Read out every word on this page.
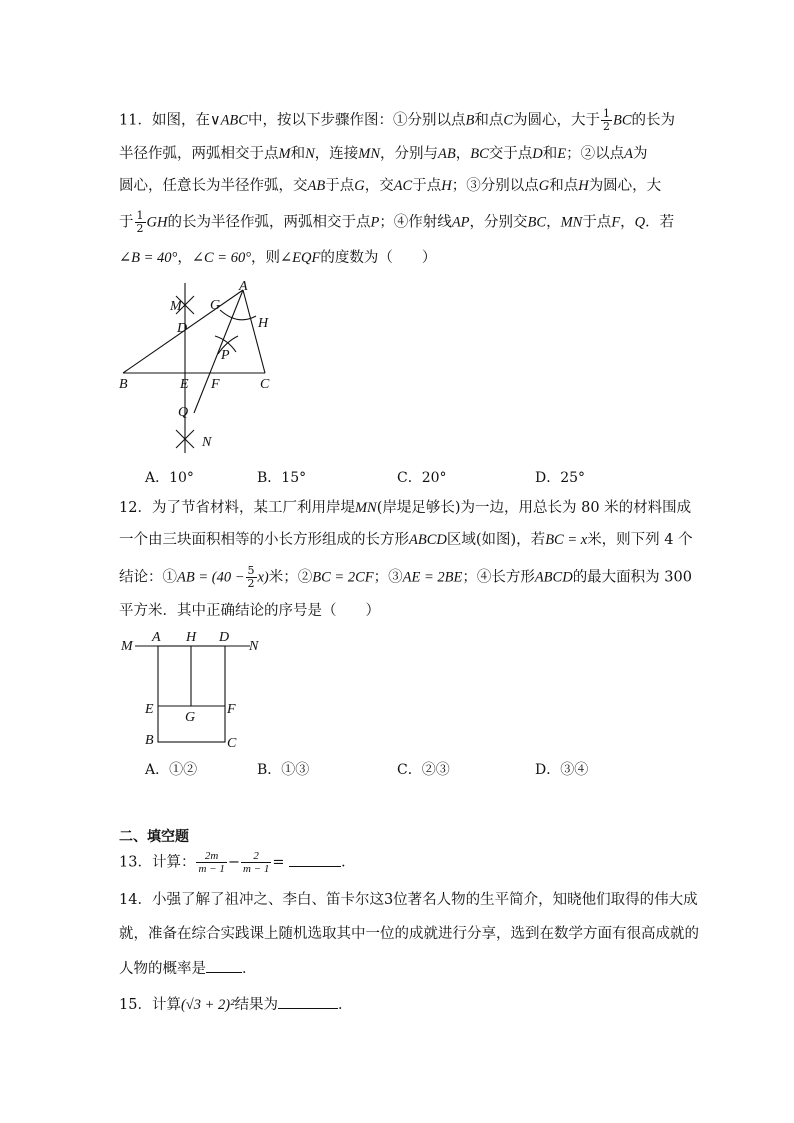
11．如图，在∨ABC中，按以下步骤作图：①分别以点B和点C为圆心，大于 $\frac{1}{2}$ BC的长为
半径作弧，两弧相交于点M和N，连接MN，分别与AB，BC交于点D和E；②以点A为
圆心，任意长为半径作弧，交AB于点G，交AC于点H；③分别以点G和点H为圆心，大
于 $\frac{1}{2}$ GH的长为半径作弧，两弧相交于点P；④作射线AP，分别交BC，MN于点F，Q．若
∠B = 40°，∠C = 60°，则∠EQF的度数为（　　）
M G
A
H
D
P
B	E F	C
Q
N
A．10°	B．15°	C．20°	D．25°
12．为了节省材料，某工厂利用岸堤MN(岸堤足够长)为一边，用总长为 80 米的材料围成
一个由三块面积相等的小长方形组成的长方形ABCD区域(如图)，若BC = x米，则下列 4 个
结论：①AB = $(40 - \frac{5}{2} x)$米；②BC = 2CF；③AE = 2BE；④长方形ABCD的最大面积为 300
平方米．其中正确结论的序号是（　　）
M
A H D
N
E
G
F
B	C
A．①②	B．①③	C．②③	D．③④
二、填空题
13．计算： $\frac{2m}{m - 1} - \frac{2}{m - 1}$ =	．
14．小强了解了祖冲之、李白、笛卡尔这3位著名人物的生平简介，知晓他们取得的伟大成
就，准备在综合实践课上随机选取其中一位的成就进行分享，选到在数学方面有很高成就的
人物的概率是 ．
15．计算(√3 + 2)²结果为	．
